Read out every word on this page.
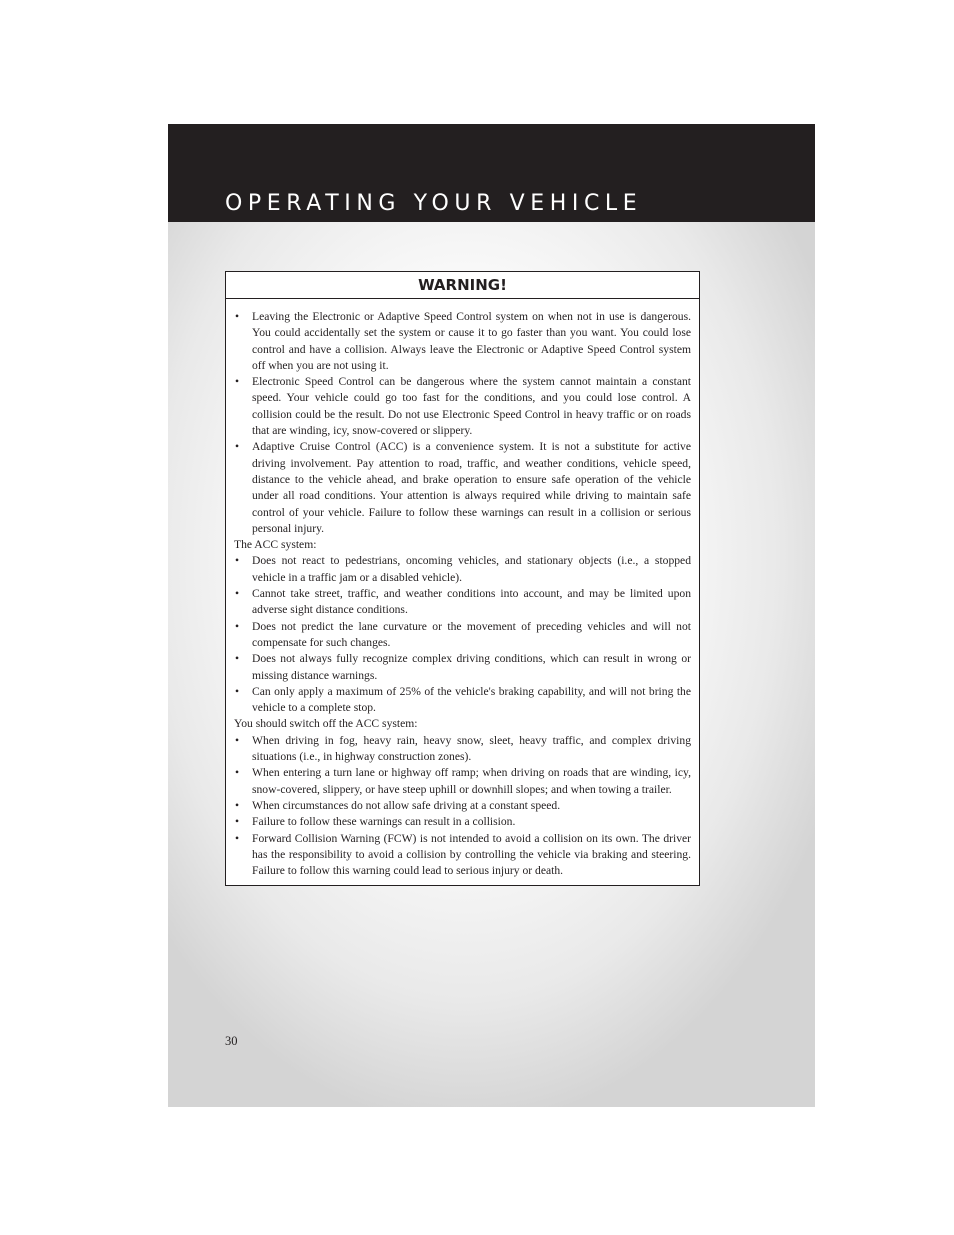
OPERATING YOUR VEHICLE
WARNING!
• Leaving the Electronic or Adaptive Speed Control system on when not in use is dangerous. You could accidentally set the system or cause it to go faster than you want. You could lose control and have a collision. Always leave the Electronic or Adaptive Speed Control system off when you are not using it.
• Electronic Speed Control can be dangerous where the system cannot maintain a constant speed. Your vehicle could go too fast for the conditions, and you could lose control. A collision could be the result. Do not use Electronic Speed Control in heavy traffic or on roads that are winding, icy, snow-covered or slippery.
• Adaptive Cruise Control (ACC) is a convenience system. It is not a substitute for active driving involvement. Pay attention to road, traffic, and weather conditions, vehicle speed, distance to the vehicle ahead, and brake operation to ensure safe operation of the vehicle under all road conditions. Your attention is always required while driving to maintain safe control of your vehicle. Failure to follow these warnings can result in a collision or serious personal injury.

The ACC system:

• Does not react to pedestrians, oncoming vehicles, and stationary objects (i.e., a stopped vehicle in a traffic jam or a disabled vehicle).
• Cannot take street, traffic, and weather conditions into account, and may be limited upon adverse sight distance conditions.
• Does not predict the lane curvature or the movement of preceding vehicles and will not compensate for such changes.
• Does not always fully recognize complex driving conditions, which can result in wrong or missing distance warnings.
• Can only apply a maximum of 25% of the vehicle's braking capability, and will not bring the vehicle to a complete stop.

You should switch off the ACC system:

• When driving in fog, heavy rain, heavy snow, sleet, heavy traffic, and complex driving situations (i.e., in highway construction zones).
• When entering a turn lane or highway off ramp; when driving on roads that are winding, icy, snow-covered, slippery, or have steep uphill or downhill slopes; and when towing a trailer.
• When circumstances do not allow safe driving at a constant speed.
• Failure to follow these warnings can result in a collision.
• Forward Collision Warning (FCW) is not intended to avoid a collision on its own. The driver has the responsibility to avoid a collision by controlling the vehicle via braking and steering. Failure to follow this warning could lead to serious injury or death.
30
